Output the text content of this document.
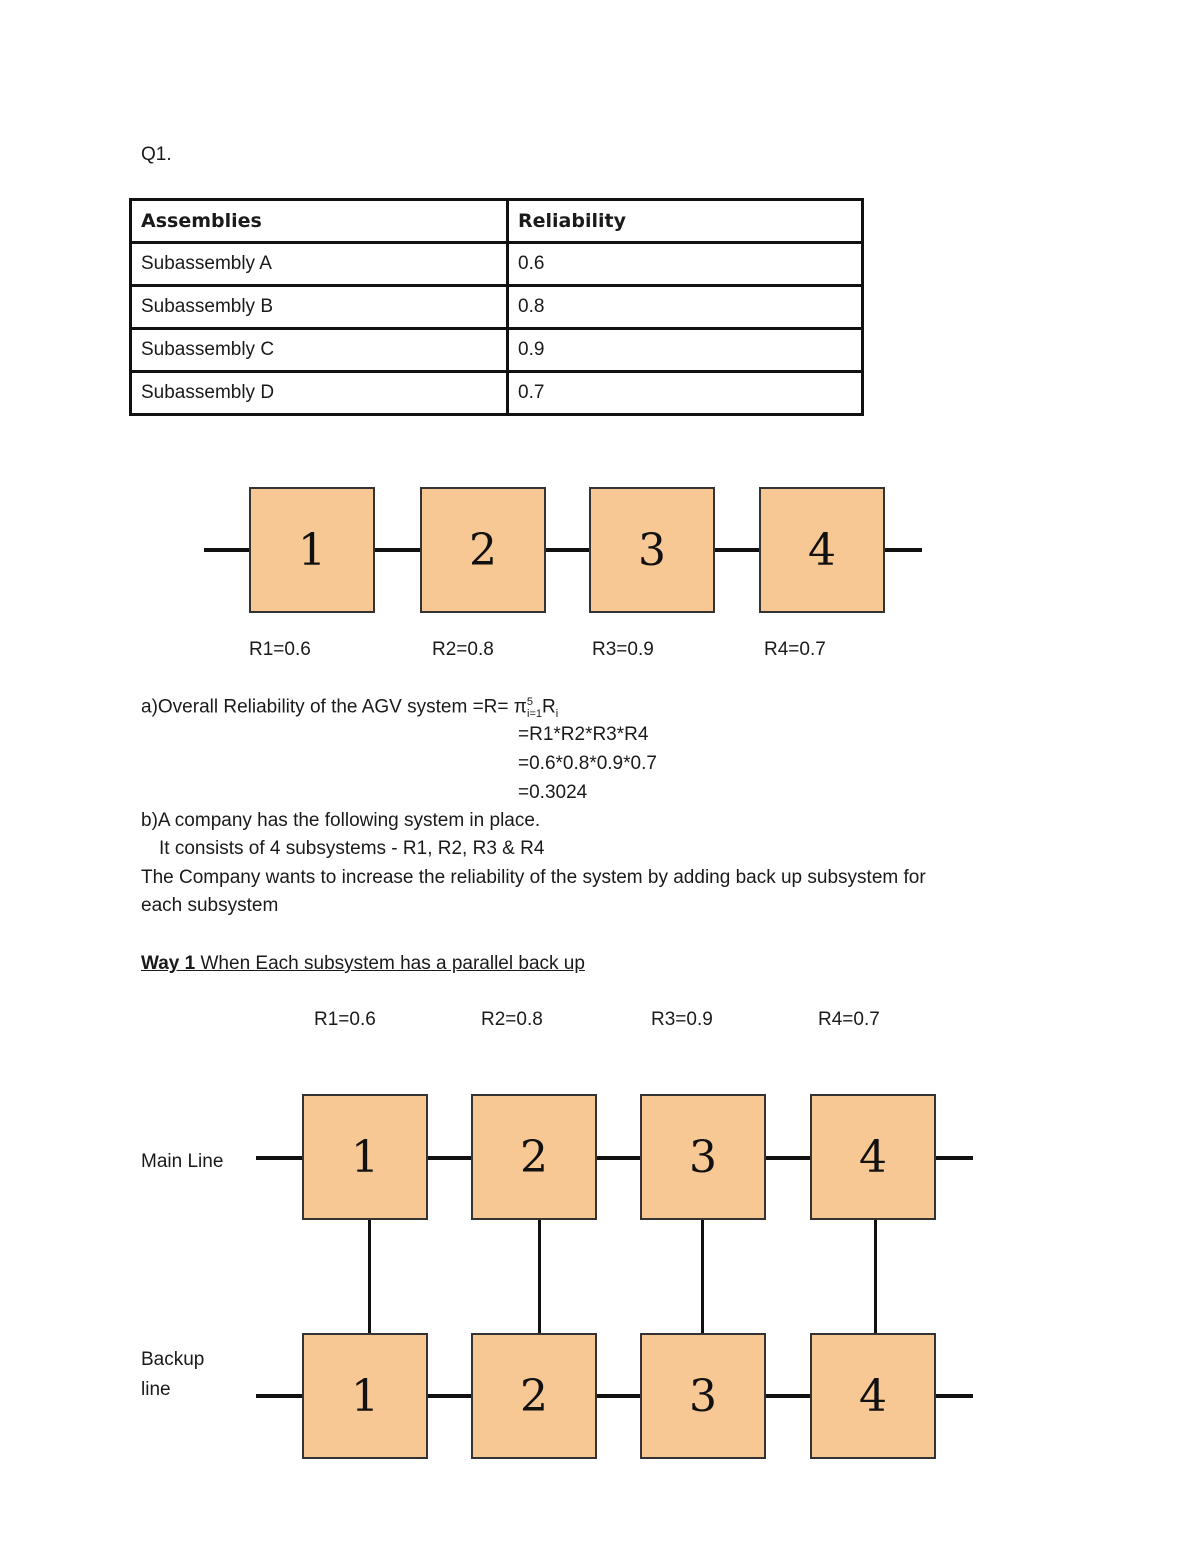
Q1.
Assemblies	Reliability
Subassembly A	0.6
Subassembly B	0.8
Subassembly C	0.9
Subassembly D	0.7
1	2	3	4
R1=0.6	R2=0.8	R3=0.9	R4=0.7
a)Overall Reliability of the AGV system $=R= \pi^5_{i=1}R_i$
=R1*R2*R3*R4
=0.6*0.8*0.9*0.7
=0.3024
b)A company has the following system in place.
It consists of 4 subsystems - R1, R2, R3 & R4
The Company wants to increase the reliability of the system by adding back up subsystem for
each subsystem
Way 1 When Each subsystem has a parallel back up
R1=0.6	R2=0.8	R3=0.9	R4=0.7
Main Line
Backup
line
1	2	3	4
1	2	3	4
